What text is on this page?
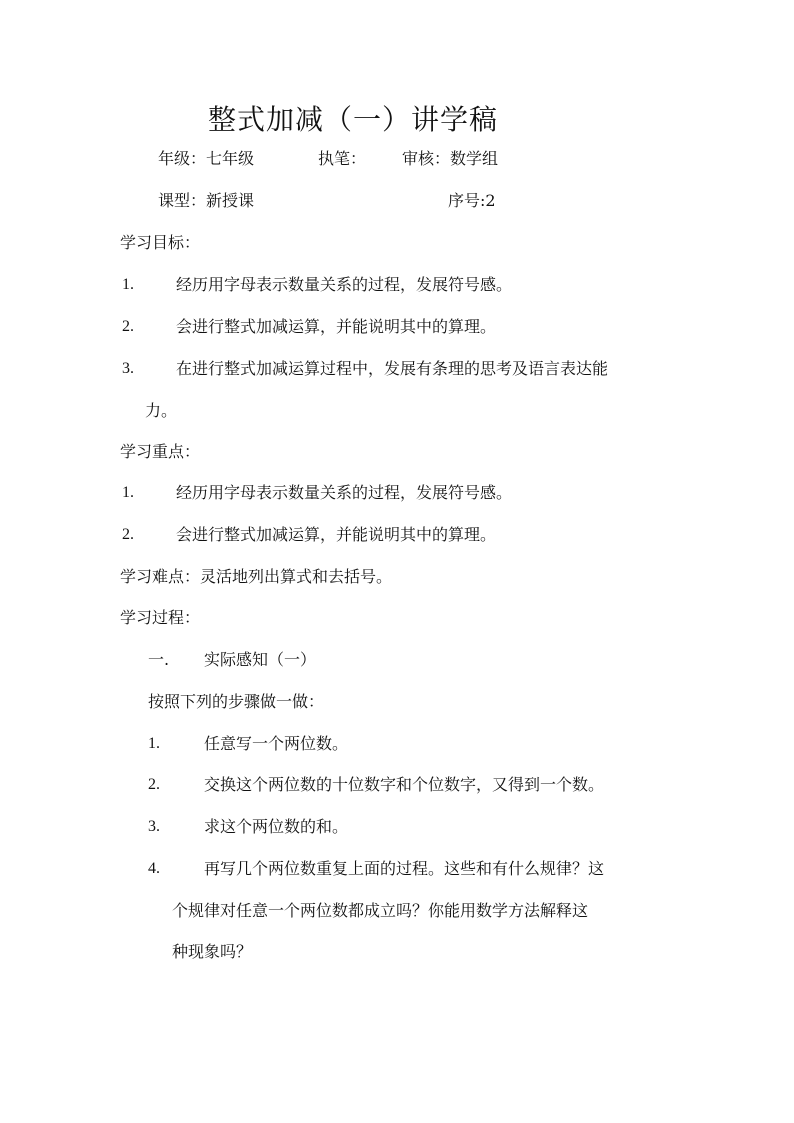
整式加减（一）讲学稿
年级：七年级	执笔： 审核：数学组
课型：新授课	序号:2
学习目标：
1.	经历用字母表示数量关系的过程，发展符号感。
2.	会进行整式加减运算，并能说明其中的算理。
3.	在进行整式加减运算过程中，发展有条理的思考及语言表达能
力。
学习重点：
1.	经历用字母表示数量关系的过程，发展符号感。
2.	会进行整式加减运算，并能说明其中的算理。
学习难点：灵活地列出算式和去括号。
学习过程：
一. 实际感知（一）
按照下列的步骤做一做：
1.	任意写一个两位数。
2.	交换这个两位数的十位数字和个位数字，又得到一个数。
3.	求这个两位数的和。
4.	再写几个两位数重复上面的过程。这些和有什么规律？这
个规律对任意一个两位数都成立吗？你能用数学方法解释这
种现象吗？
